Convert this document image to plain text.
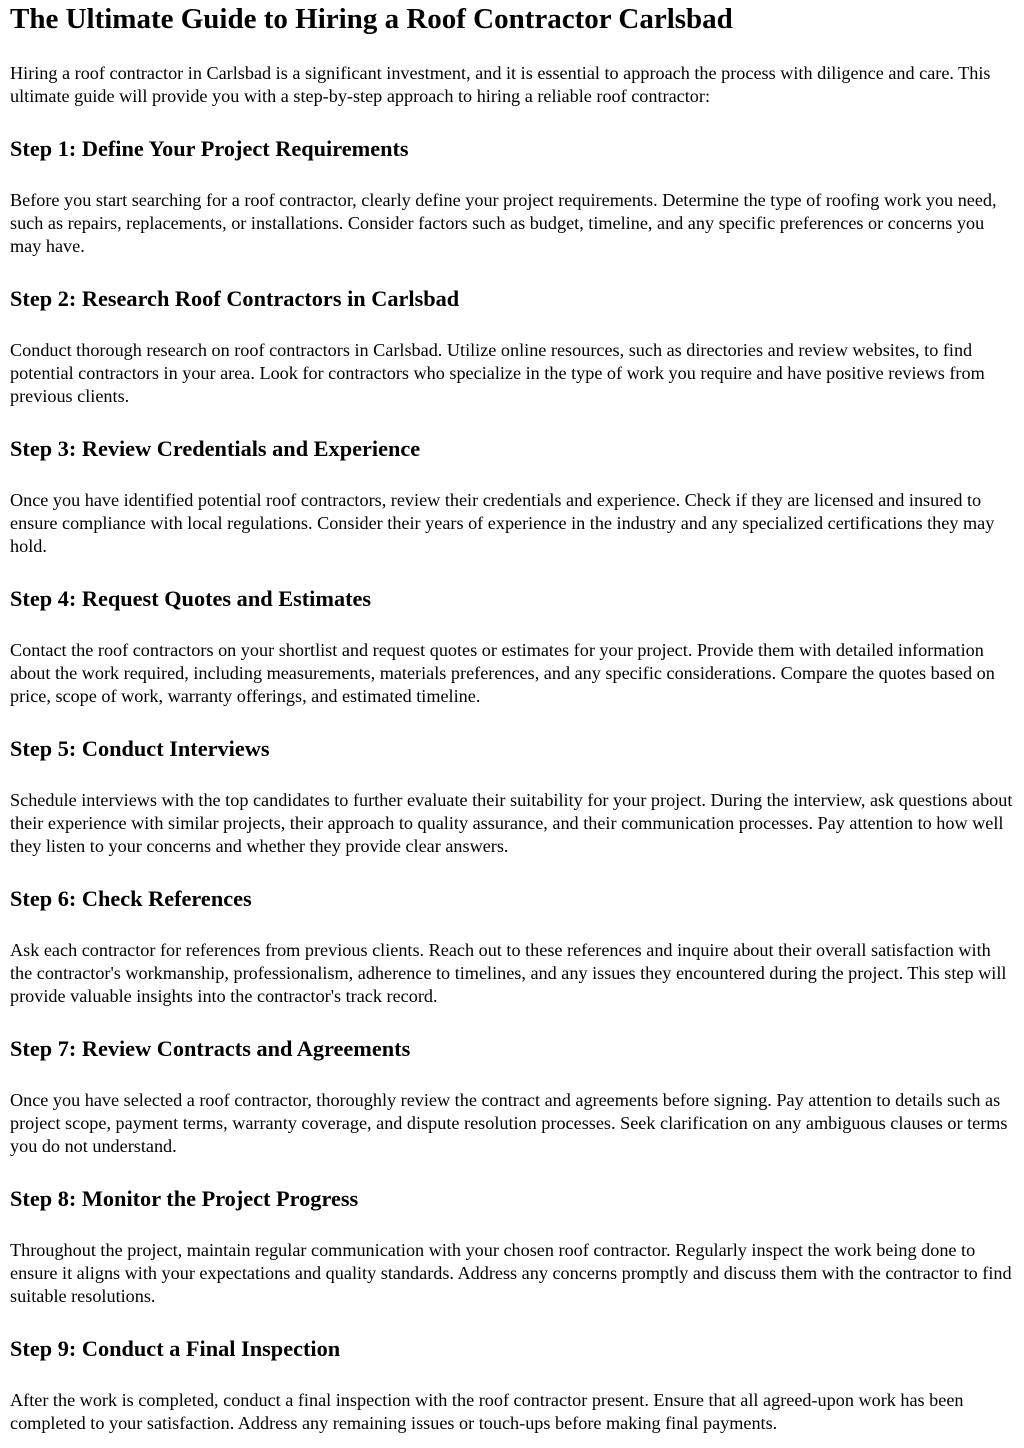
The Ultimate Guide to Hiring a Roof Contractor Carlsbad

Hiring a roof contractor in Carlsbad is a significant investment, and it is essential to approach the process with diligence and care. This ultimate guide will provide you with a step-by-step approach to hiring a reliable roof contractor:

Step 1: Define Your Project Requirements

Before you start searching for a roof contractor, clearly define your project requirements. Determine the type of roofing work you need, such as repairs, replacements, or installations. Consider factors such as budget, timeline, and any specific preferences or concerns you may have.

Step 2: Research Roof Contractors in Carlsbad

Conduct thorough research on roof contractors in Carlsbad. Utilize online resources, such as directories and review websites, to find potential contractors in your area. Look for contractors who specialize in the type of work you require and have positive reviews from previous clients.

Step 3: Review Credentials and Experience

Once you have identified potential roof contractors, review their credentials and experience. Check if they are licensed and insured to ensure compliance with local regulations. Consider their years of experience in the industry and any specialized certifications they may hold.

Step 4: Request Quotes and Estimates

Contact the roof contractors on your shortlist and request quotes or estimates for your project. Provide them with detailed information about the work required, including measurements, materials preferences, and any specific considerations. Compare the quotes based on price, scope of work, warranty offerings, and estimated timeline.

Step 5: Conduct Interviews

Schedule interviews with the top candidates to further evaluate their suitability for your project. During the interview, ask questions about their experience with similar projects, their approach to quality assurance, and their communication processes. Pay attention to how well they listen to your concerns and whether they provide clear answers.

Step 6: Check References

Ask each contractor for references from previous clients. Reach out to these references and inquire about their overall satisfaction with the contractor's workmanship, professionalism, adherence to timelines, and any issues they encountered during the project. This step will provide valuable insights into the contractor's track record.

Step 7: Review Contracts and Agreements

Once you have selected a roof contractor, thoroughly review the contract and agreements before signing. Pay attention to details such as project scope, payment terms, warranty coverage, and dispute resolution processes. Seek clarification on any ambiguous clauses or terms you do not understand.

Step 8: Monitor the Project Progress

Throughout the project, maintain regular communication with your chosen roof contractor. Regularly inspect the work being done to ensure it aligns with your expectations and quality standards. Address any concerns promptly and discuss them with the contractor to find suitable resolutions.

Step 9: Conduct a Final Inspection

After the work is completed, conduct a final inspection with the roof contractor present. Ensure that all agreed-upon work has been completed to your satisfaction. Address any remaining issues or touch-ups before making final payments.
